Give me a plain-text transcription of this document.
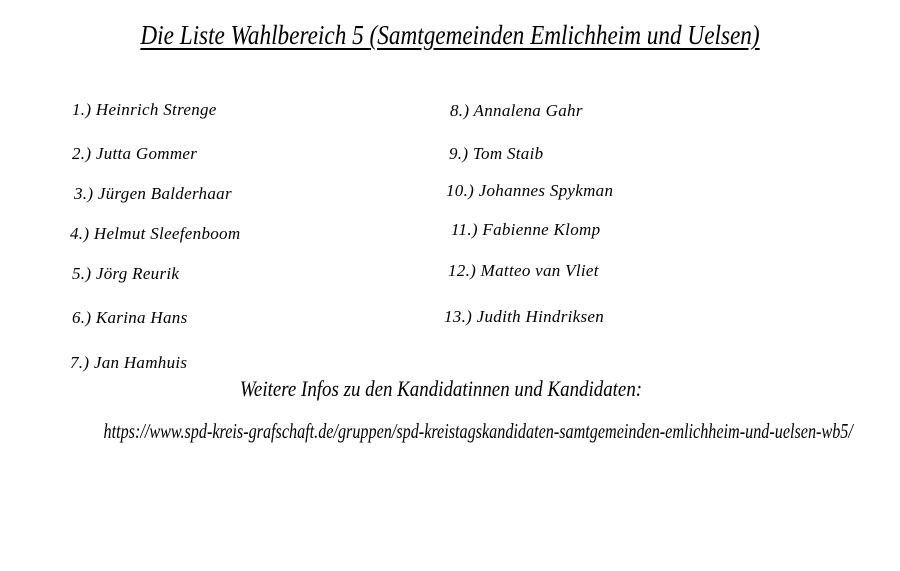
Die Liste Wahlbereich 5 (Samtgemeinden Emlichheim und Uelsen)
1.) Heinrich Strenge
2.) Jutta Gommer
3.) Jürgen Balderhaar
4.) Helmut Sleefenboom
5.) Jörg Reurik
6.) Karina Hans
7.) Jan Hamhuis
8.) Annalena Gahr
9.) Tom Staib
10.) Johannes Spykman
11.) Fabienne Klomp
12.) Matteo van Vliet
13.) Judith Hindriksen
Weitere Infos zu den Kandidatinnen und Kandidaten:
https://www.spd-kreis-grafschaft.de/gruppen/spd-kreistagskandidaten-samtgemeinden-emlichheim-und-uelsen-wb5/
